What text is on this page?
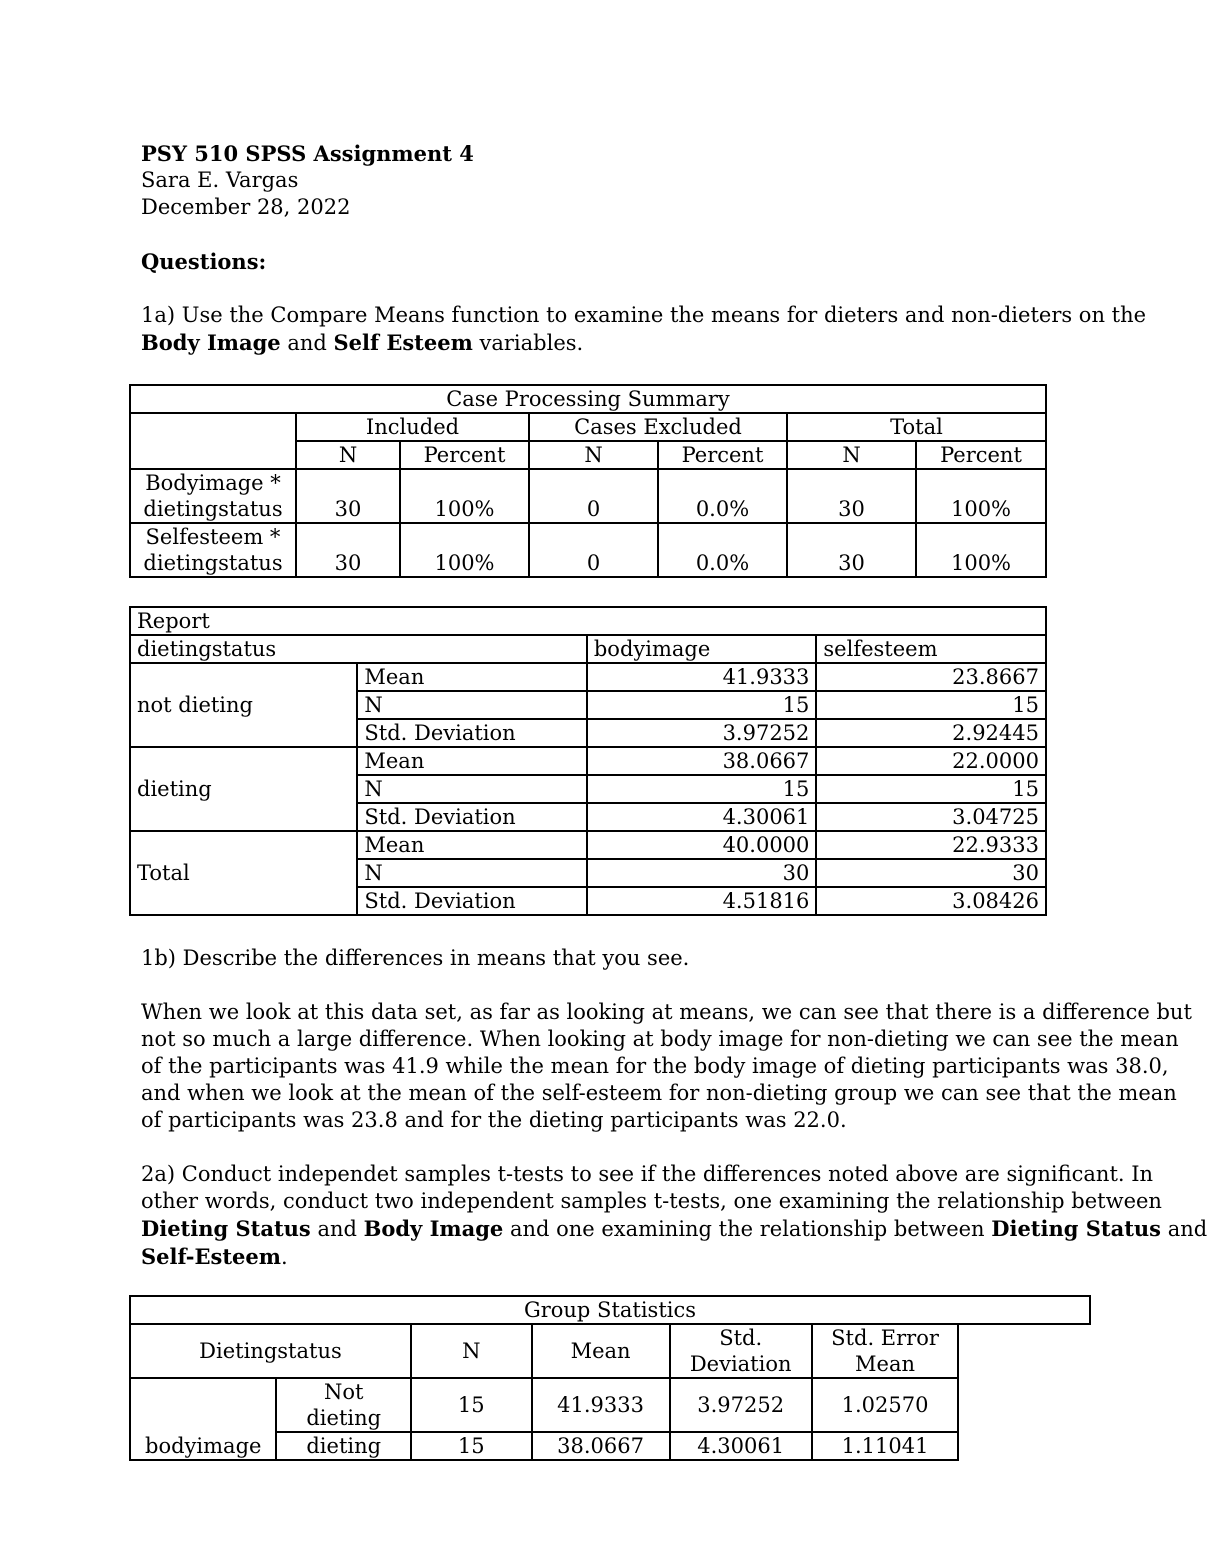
PSY 510 SPSS Assignment 4
Sara E. Vargas
December 28, 2022
Questions:
1a) Use the Compare Means function to examine the means for dieters and non-dieters on the
Body Image and Self Esteem variables.
Case Processing Summary						
	Included		Cases Excluded		Total	
	N	Percent	N	Percent	N	Percent

Bodyimage *
dietingstatus	30	100%	0	0.0%	30	100%

Selfesteem *
dietingstatus	30	100%	0	0.0%	30	100%
Report			
dietingstatus		bodyimage	selfesteem
not dieting	Mean	41.9333	23.8667
	N	15	15
	Std. Deviation	3.97252	2.92445
dieting	Mean	38.0667	22.0000
	N	15	15
	Std. Deviation	4.30061	3.04725
Total	Mean	40.0000	22.9333
	N	30	30
	Std. Deviation	4.51816	3.08426
1b) Describe the differences in means that you see.
When we look at this data set, as far as looking at means, we can see that there is a difference but
not so much a large difference. When looking at body image for non-dieting we can see the mean
of the participants was 41.9 while the mean for the body image of dieting participants was 38.0,
and when we look at the mean of the self-esteem for non-dieting group we can see that the mean
of participants was 23.8 and for the dieting participants was 22.0.
2a) Conduct independet samples t-tests to see if the differences noted above are significant. In
other words, conduct two independent samples t-tests, one examining the relationship between
Dieting Status and Body Image and one examining the relationship between Dieting Status and
Self-Esteem.
Group Statistics					
Dietingstatus		N	Mean	Std. Deviation	Std. Error Mean
bodyimage	Not dieting	15	41.9333	3.97252	1.02570
	dieting	15	38.0667	4.30061	1.11041
